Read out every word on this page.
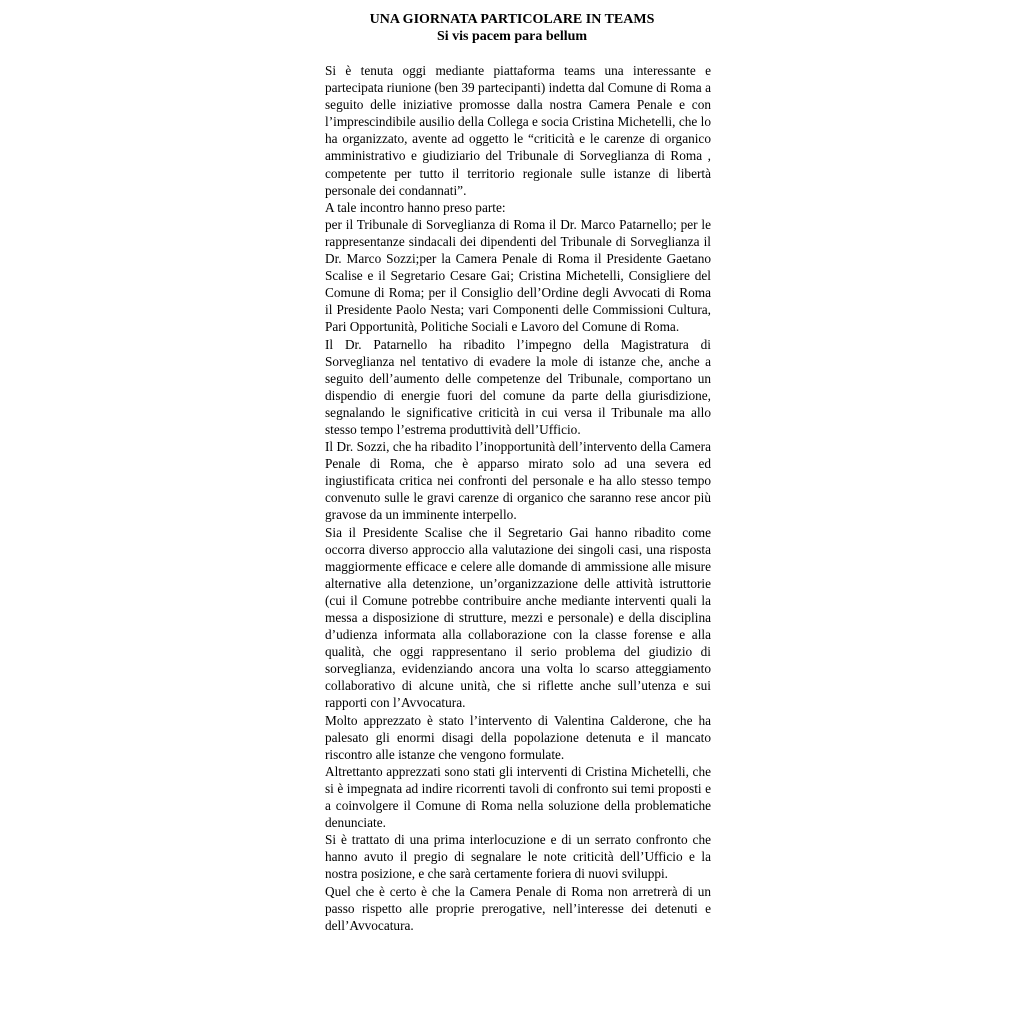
UNA GIORNATA PARTICOLARE IN TEAMS

Si vis pacem para bellum

Si è tenuta oggi mediante piattaforma teams una interessante e partecipata riunione (ben 39 partecipanti) indetta dal Comune di Roma a seguito delle iniziative promosse dalla nostra Camera Penale e con l’imprescindibile ausilio della Collega e socia Cristina Michetelli, che lo ha organizzato, avente ad oggetto le “criticità e le carenze di organico amministrativo e giudiziario del Tribunale di Sorveglianza di Roma , competente per tutto il territorio regionale sulle istanze di libertà personale dei condannati”.

A tale incontro hanno preso parte:

per il Tribunale di Sorveglianza di Roma il Dr. Marco Patarnello; per le rappresentanze sindacali dei dipendenti del Tribunale di Sorveglianza il Dr. Marco Sozzi;per la Camera Penale di Roma il Presidente Gaetano Scalise e il Segretario Cesare Gai; Cristina Michetelli, Consigliere del Comune di Roma; per il Consiglio dell’Ordine degli Avvocati di Roma il Presidente Paolo Nesta; vari Componenti delle Commissioni Cultura, Pari Opportunità, Politiche Sociali e Lavoro del Comune di Roma.

Il Dr. Patarnello ha ribadito l’impegno della Magistratura di Sorveglianza nel tentativo di evadere la mole di istanze che, anche a seguito dell’aumento delle competenze del Tribunale, comportano un dispendio di energie fuori del comune da parte della giurisdizione, segnalando le significative criticità in cui versa il Tribunale ma allo stesso tempo l’estrema produttività dell’Ufficio.

Il Dr. Sozzi, che ha ribadito l’inopportunità dell’intervento della Camera Penale di Roma, che è apparso mirato solo ad una severa ed ingiustificata critica nei confronti del personale e ha allo stesso tempo convenuto sulle le gravi carenze di organico che saranno rese ancor più gravose da un imminente interpello.

Sia il Presidente Scalise che il Segretario Gai hanno ribadito come occorra diverso approccio alla valutazione dei singoli casi, una risposta maggiormente efficace e celere alle domande di ammissione alle misure alternative alla detenzione, un’organizzazione delle attività istruttorie (cui il Comune potrebbe contribuire anche mediante interventi quali la messa a disposizione di strutture, mezzi e personale) e della disciplina d’udienza informata alla collaborazione con la classe forense e alla qualità, che oggi rappresentano il serio problema del giudizio di sorveglianza, evidenziando ancora una volta lo scarso atteggiamento collaborativo di alcune unità, che si riflette anche sull’utenza e sui rapporti con l’Avvocatura.

Molto apprezzato è stato l’intervento di Valentina Calderone, che ha palesato gli enormi disagi della popolazione detenuta e il mancato riscontro alle istanze che vengono formulate.

Altrettanto apprezzati sono stati gli interventi di Cristina Michetelli, che si è impegnata ad indire ricorrenti tavoli di confronto sui temi proposti e a coinvolgere il Comune di Roma nella soluzione della problematiche denunciate.

Si è trattato di una prima interlocuzione e di un serrato confronto che hanno avuto il pregio di segnalare le note criticità dell’Ufficio e la nostra posizione, e che sarà certamente foriera di nuovi sviluppi.

Quel che è certo è che la Camera Penale di Roma non arretrerà di un passo rispetto alle proprie prerogative, nell’interesse dei detenuti e dell’Avvocatura.
